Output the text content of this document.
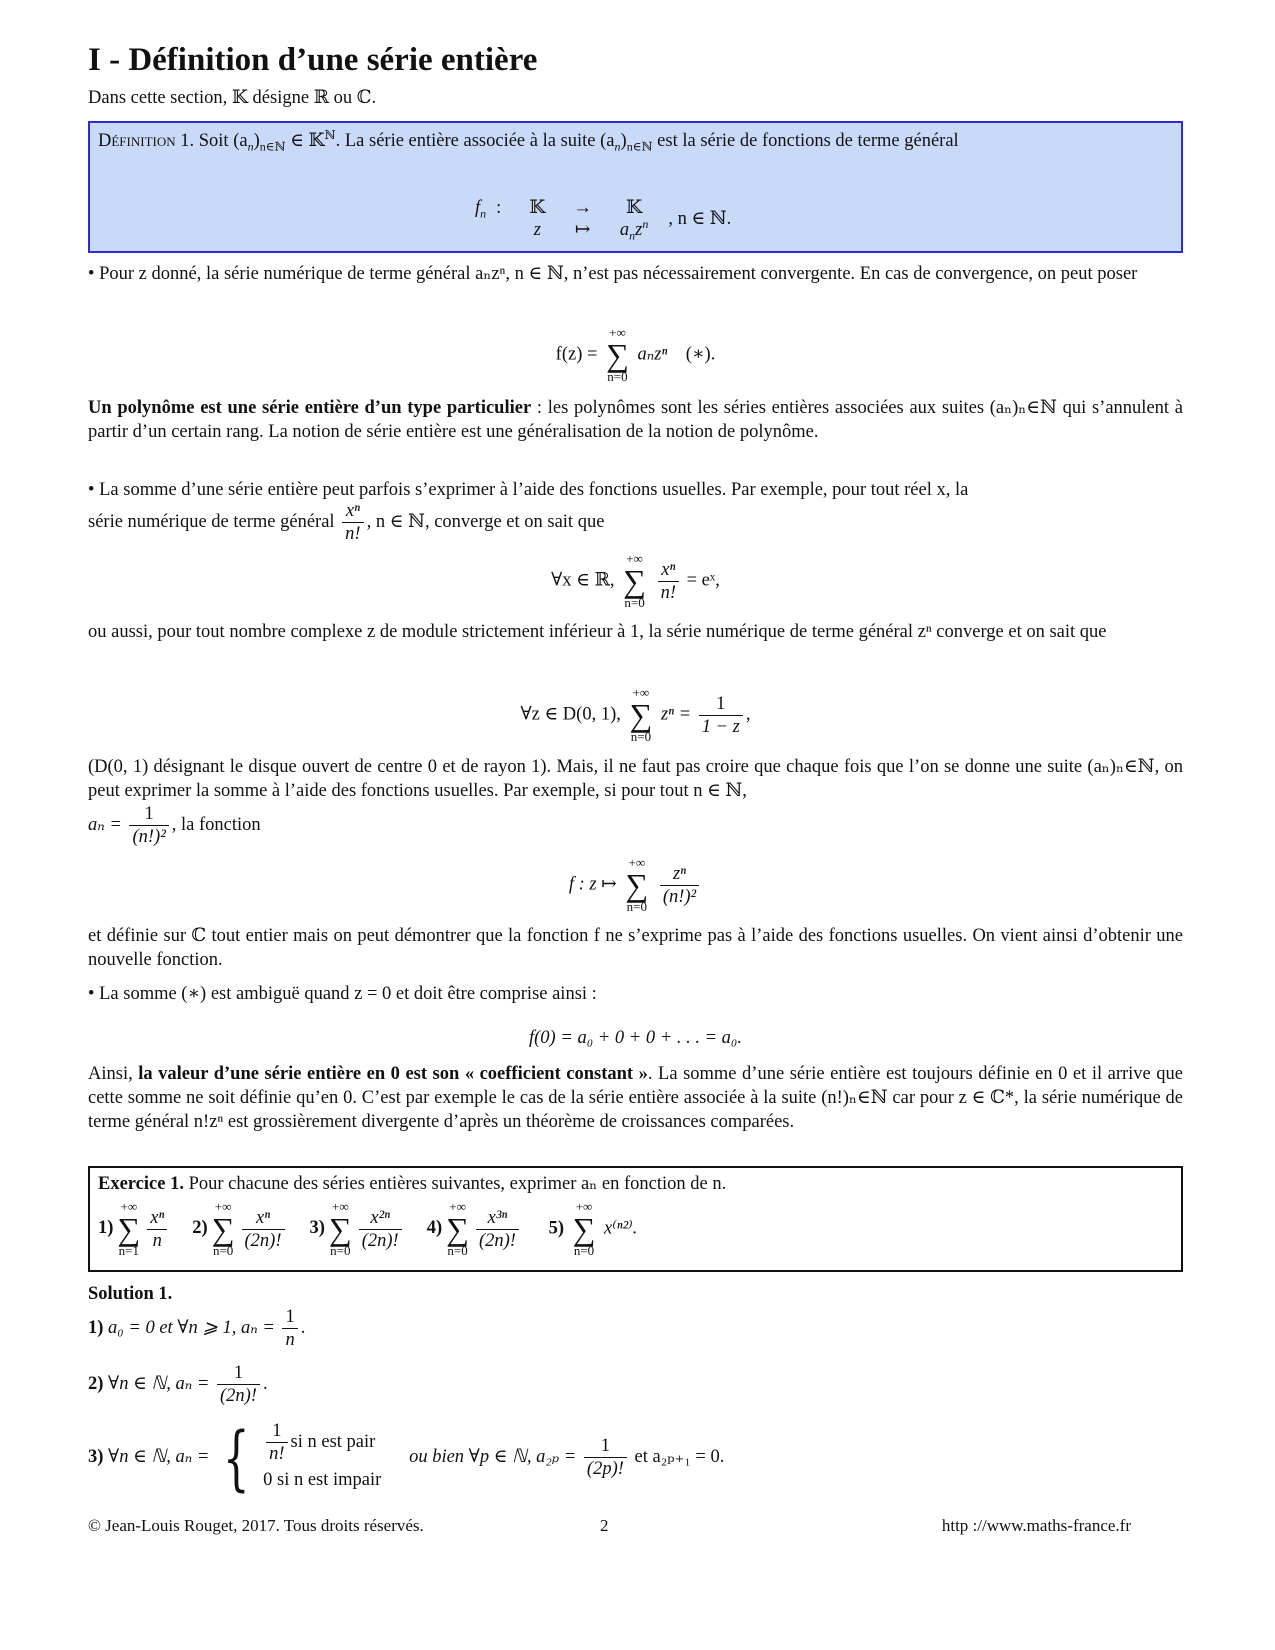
I - Définition d’une série entière

Dans cette section, 𝕂 désigne ℝ ou ℂ.

Définition 1. Soit $(a_n)_{n\in ℕ}$ ∈ 𝕂$^ℕ$. La série entière associée à la suite $(a_n)_{n\in ℕ}$ est la série de fonctions de terme général

$f_n$	:	𝕂	→	𝕂	, n ∈ ℕ.
		z	↦	$a_nz^n$

• Pour z donné, la série numérique de terme général aₙzⁿ, n ∈ ℕ, n’est pas nécessairement convergente. En cas de convergence, on peut poser

f(z) =
+∞
∑
n=0
aₙzⁿ (∗).

Un polynôme est une série entière d’un type particulier : les polynômes sont les séries entières associées aux suites (aₙ)ₙ∈ℕ qui s’annulent à partir d’un certain rang. La notion de série entière est une généralisation de la notion de polynôme.

• La somme d’une série entière peut parfois s’exprimer à l’aide des fonctions usuelles. Par exemple, pour tout réel x, la

série numérique de terme général $\frac{\text{xⁿ}}{n!}$ , n ∈ ℕ, converge et on sait que
∀x ∈ ℝ,
+∞
∑
n=0
$\frac{\text{xⁿ}}{n!}$ = eˣ,

ou aussi, pour tout nombre complexe z de module strictement inférieur à 1, la série numérique de terme général zⁿ converge et on sait que

∀z ∈ D(0, 1),
+∞
∑
n=0
$z^n = \frac{1}{1 - z}$ ,

(D(0, 1) désignant le disque ouvert de centre 0 et de rayon 1). Mais, il ne faut pas croire que chaque fois que l’on se donne une suite (aₙ)ₙ∈ℕ, on peut exprimer la somme à l’aide des fonctions usuelles. Par exemple, si pour tout n ∈ ℕ,

$a_n = \frac{1}{\text{(n!)²}}$ , la fonction
f : z ↦
+∞
∑
n=0
$\frac{\text{zⁿ}}{\text{(n!)²}}$

et définie sur ℂ tout entier mais on peut démontrer que la fonction f ne s’exprime pas à l’aide des fonctions usuelles. On vient ainsi d’obtenir une nouvelle fonction.

• La somme (∗) est ambiguë quand z = 0 et doit être comprise ainsi :

f(0) = a₀ + 0 + 0 + . . . = a₀.

Ainsi, la valeur d’une série entière en 0 est son « coefficient constant ». La somme d’une série entière est toujours définie en 0 et il arrive que cette somme ne soit définie qu’en 0. C’est par exemple le cas de la série entière associée à la suite (n!)ₙ∈ℕ car pour z ∈ ℂ*, la série numérique de terme général n!zⁿ est grossièrement divergente d’après un théorème de croissances comparées.

Exercice 1. Pour chacune des séries entières suivantes, exprimer aₙ en fonction de n.

1)
+∞
∑
$n=1 \frac{\text{xⁿ}}{n} 2$)
+∞
∑
$n=0 \frac{\text{xⁿ}}{(2n)!} 3$)
+∞
∑
$n=0 \frac{\text{x²ⁿ}}{(2n)!} 4$)
+∞
∑
$n=0 \frac{\text{x³ⁿ}}{(2n)!} 5$)
+∞
∑
n=0
x⁽ⁿ²⁾.

Solution 1.

1) a₀ = 0 et ∀n ⩾ 1, $a_n = \frac{1}{n}$ .
2) ∀n ∈ ℕ, $a_n = \frac{1}{(2n)!}$ .
3) ∀n ∈ ℕ, aₙ = { $\frac{1}{n!}$ si n est pair
0 si n est impair
ou bien ∀p ∈ ℕ, $a_{2p} = \frac{1}{(2p)!}$ et a₂ₚ₊₁ = 0.
© Jean-Louis Rouget, 2017. Tous droits réservés.	2	http ://www.maths-france.fr
